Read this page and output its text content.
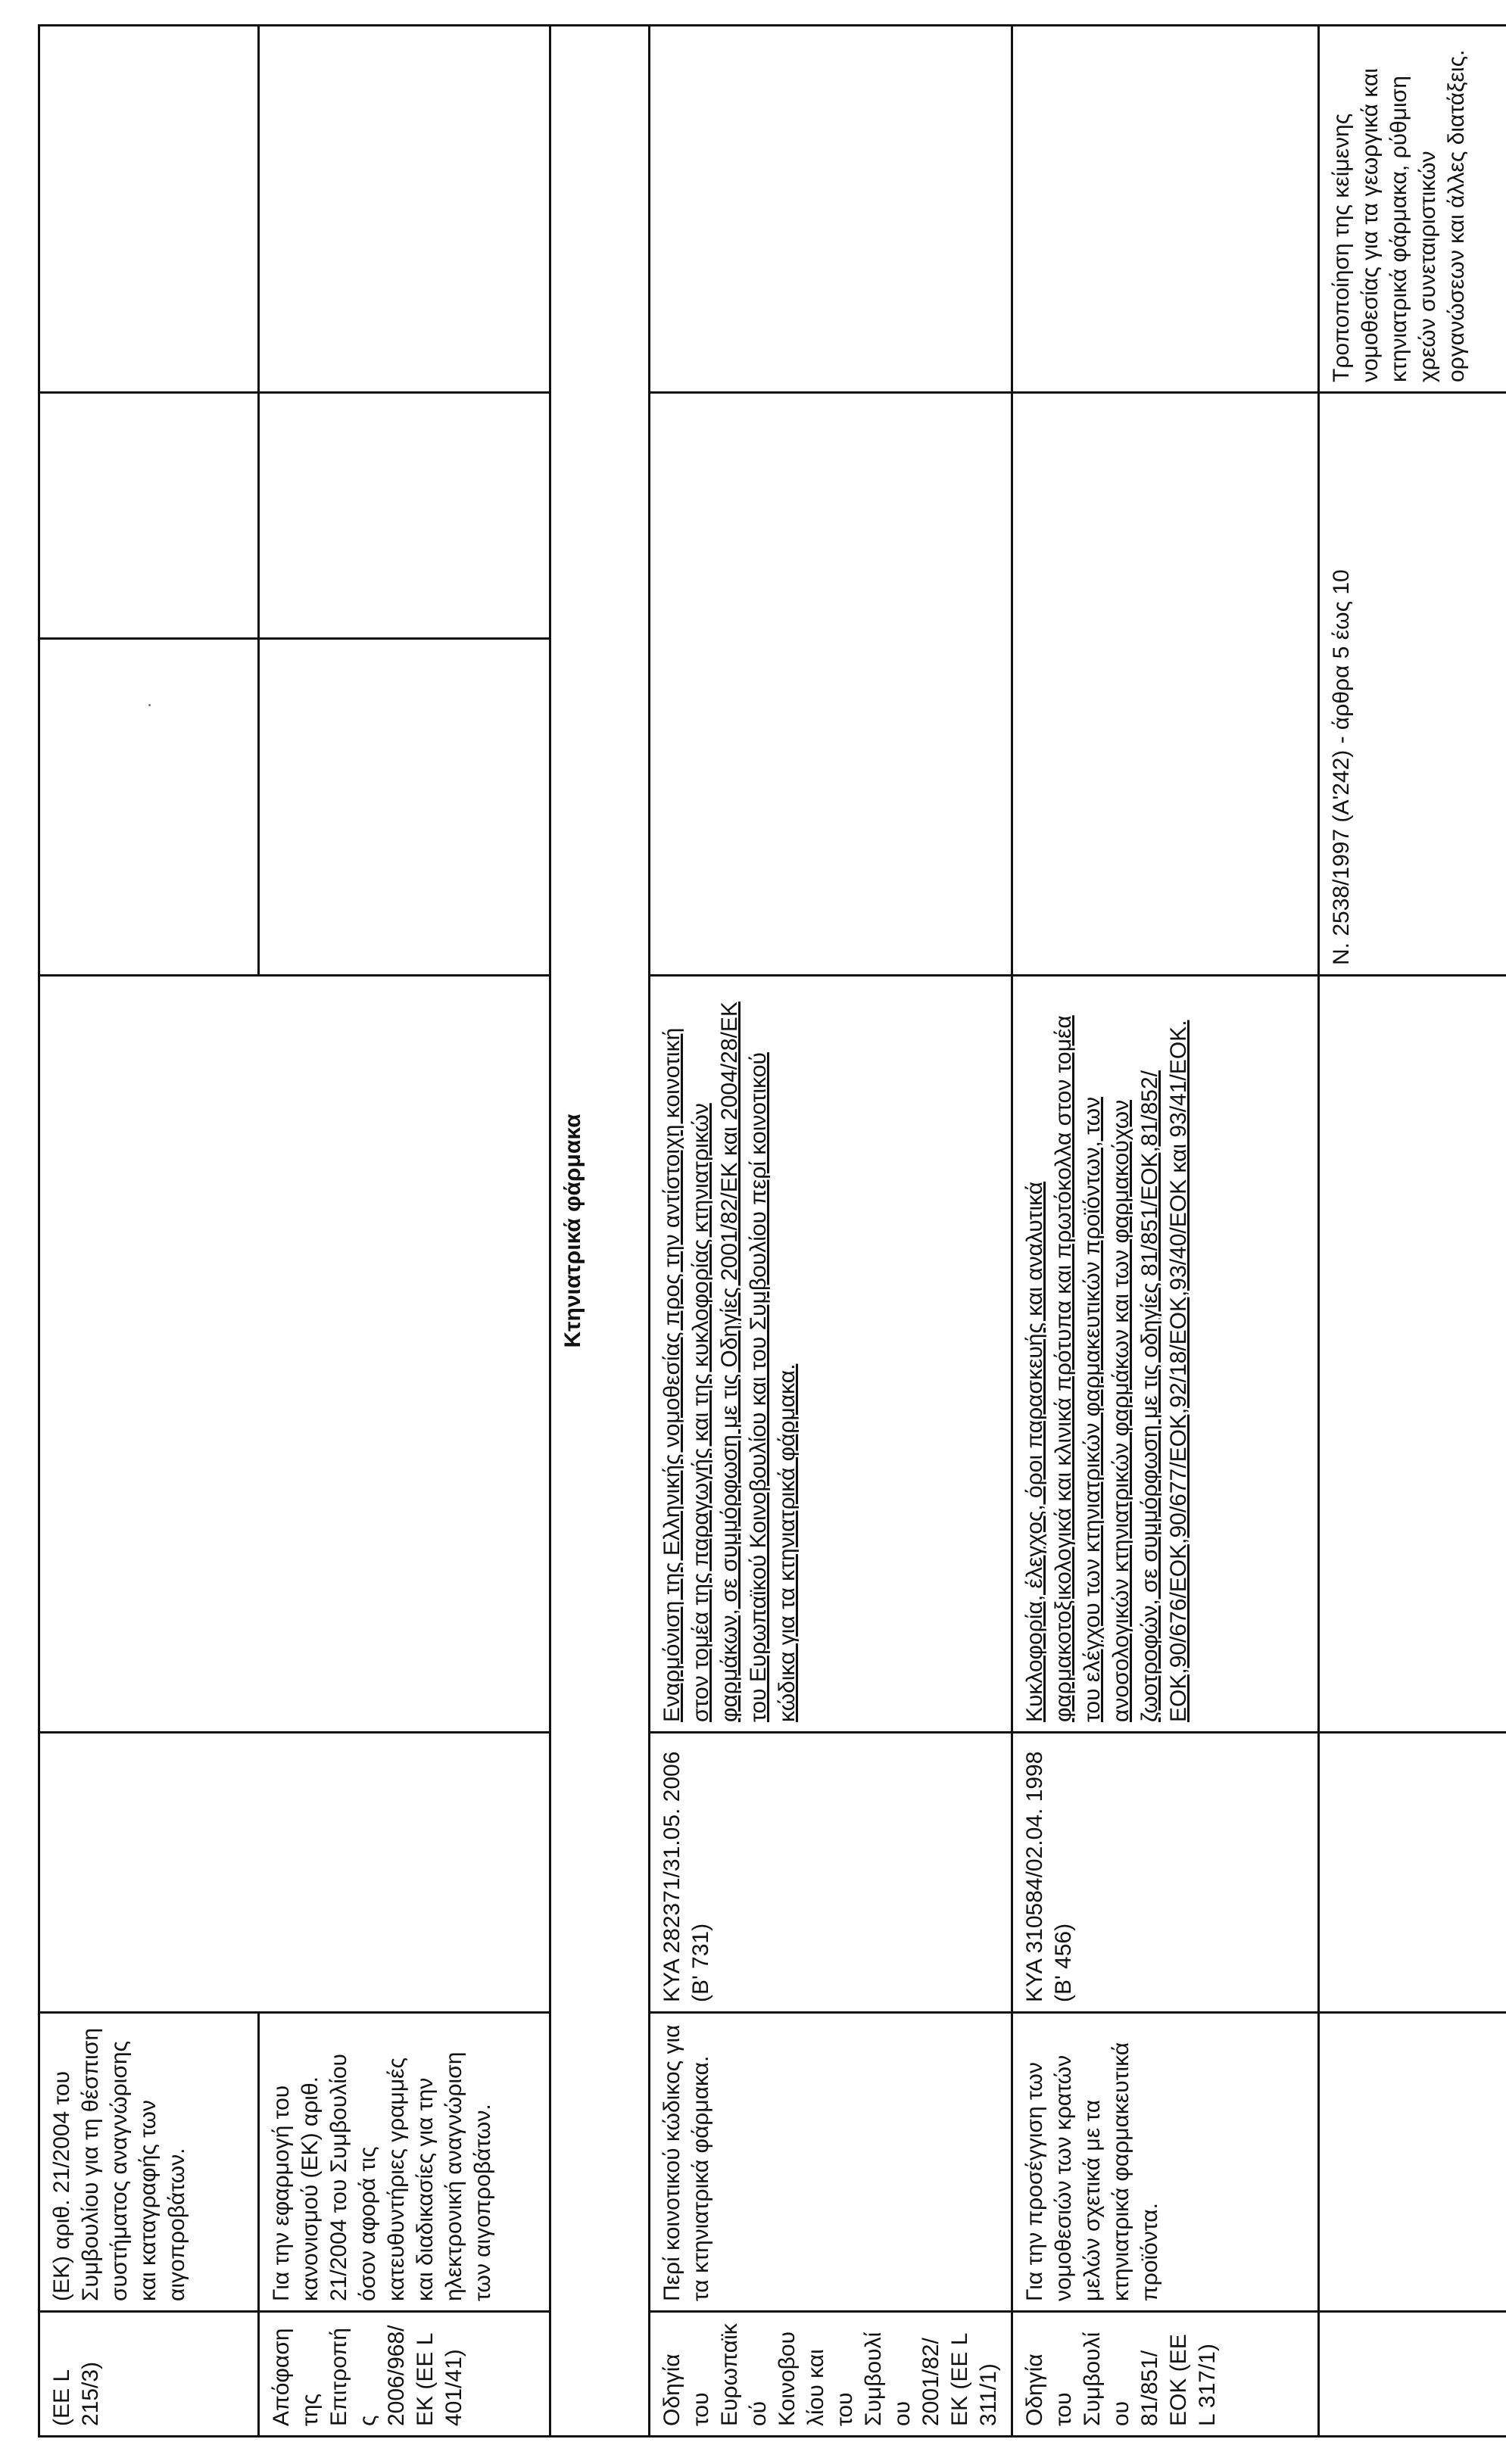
(ΕΕ L 215/3)	(ΕΚ) αριθ. 21/2004 του Συμβουλίου για τη θέσπιση συστήματος αναγνώρισης και καταγραφής των αιγοπροβάτων.					
Απόφαση της Επιτροπής 2006/968/ΕΚ (ΕΕ L 401/41)	Για την εφαρμογή του κανονισμού (ΕΚ) αριθ. 21/2004 του Συμβουλίου όσον αφορά τις κατευθυντήριες γραμμές και διαδικασίες για την ηλεκτρονική αναγνώριση των αιγοπροβάτων.					
Κτηνιατρικά φάρμακα						
Οδηγία του Ευρωπαϊκού Κοινοβουλίου και του Συμβουλίου 2001/82/ΕΚ (ΕΕ L 311/1)	Περί κοινοτικού κώδικος για τα κτηνιατρικά φάρμακα.	ΚΥΑ 282371/31.05. 2006 (Β' 731)	Εναρμόνιση της Ελληνικής νομοθεσίας προς την αντίστοιχη κοινοτική στον τομέα της παραγωγής και της κυκλοφορίας κτηνιατρικών φαρμάκων, σε συμμόρφωση με τις Οδηγίες 2001/82/ΕΚ και 2004/28/ΕΚ του Ευρωπαϊκού Κοινοβουλίου και του Συμβουλίου περί κοινοτικού κώδικα για τα κτηνιατρικά φάρμακα.			
Οδηγία του Συμβουλίου 81/851/ΕΟΚ (ΕΕ L 317/1)	Για την προσέγγιση των νομοθεσιών των κρατών μελών σχετικά με τα κτηνιατρικά φαρμακευτικά προϊόντα.	ΚΥΑ 310584/02.04. 1998 (Β' 456)	Κυκλοφορία, έλεγχος, όροι παρασκευής και αναλυτικά φαρμακοτοξικολογικά και κλινικά πρότυπα και πρωτόκολλα στον τομέα του ελέγχου των κτηνιατρικών φαρμακευτικών προϊόντων, των ανοσολογικών κτηνιατρικών φαρμάκων και των φαρμακούχων ζωοτροφών, σε συμμόρφωση με τις οδηγίες 81/851/ΕΟΚ,81/852/ΕΟΚ,90/676/ΕΟΚ,90/677/ΕΟΚ,92/18/ΕΟΚ,93/40/ΕΟΚ και 93/41/ΕΟΚ.			
				Ν. 2538/1997 (Α'242) - άρθρα 5 έως 10		Τροποποίηση της κείμενης νομοθεσίας για τα γεωργικά και κτηνιατρικά φάρμακα, ρύθμιση χρεών συνεταιριστικών οργανώσεων και άλλες διατάξεις.
